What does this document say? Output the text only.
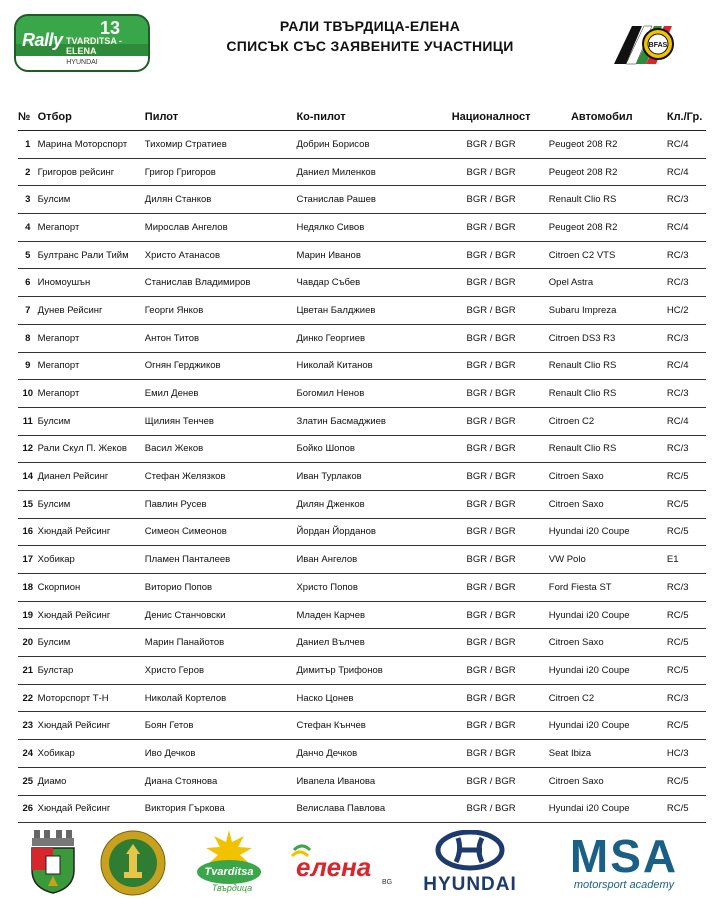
Rally
13
TVARDITSA - ELENA
HYUNDAI
РАЛИ ТВЪРДИЦА-ЕЛЕНА
СПИСЪК СЪС ЗАЯВЕНИТЕ УЧАСТНИЦИ	BFAS
№	Отбор	Пилот	Ко-пилот	Националност	Автомобил	Кл./Гр.
1	Марина Моторспорт	Тихомир Стратиев	Добрин Борисов	BGR / BGR	Peugeot 208 R2	RC/4
2	Григоров рейсинг	Григор Григоров	Даниел Миленков	BGR / BGR	Peugeot 208 R2	RC/4
3	Булсим	Дилян Станков	Станислав Рашев	BGR / BGR	Renault Clio RS	RC/3
4	Мегапорт	Мирослав Ангелов	Недялко Сивов	BGR / BGR	Peugeot 208 R2	RC/4
5	Бултранс Рали Тийм	Христо Атанасов	Марин Иванов	BGR / BGR	Citroen C2 VTS	RC/3
6	Иномоушън	Станислав Владимиров	Чавдар Събев	BGR / BGR	Opel Astra	RC/3
7	Дунев Рейсинг	Георги Янков	Цветан Балджиев	BGR / BGR	Subaru Impreza	HC/2
8	Мегапорт	Антон Титов	Динко Георгиев	BGR / BGR	Citroen DS3 R3	RC/3
9	Мегапорт	Огнян Герджиков	Николай Китанов	BGR / BGR	Renault Clio RS	RC/4
10	Мегапорт	Емил Денев	Богомил Ненов	BGR / BGR	Renault Clio RS	RC/3
11	Булсим	Щилиян Тенчев	Златин Басмаджиев	BGR / BGR	Citroen C2	RC/4
12	Рали Скул П. Жеков	Васил Жеков	Бойко Шопов	BGR / BGR	Renault Clio RS	RC/3
14	Дианел Рейсинг	Стефан Желязков	Иван Турлаков	BGR / BGR	Citroen Saxo	RC/5
15	Булсим	Павлин Русев	Дилян Дженков	BGR / BGR	Citroen Saxo	RC/5
16	Хюндай Рейсинг	Симеон Симеонов	Йордан Йорданов	BGR / BGR	Hyundai i20 Coupe	RC/5
17	Хобикар	Пламен Панталеев	Иван Ангелов	BGR / BGR	VW Polo	E1
18	Скорпион	Виторио Попов	Христо Попов	BGR / BGR	Ford Fiesta ST	RC/3
19	Хюндай Рейсинг	Денис Станчовски	Младен Карчев	BGR / BGR	Hyundai i20 Coupe	RC/5
20	Булсим	Марин Панайотов	Даниел Вълчев	BGR / BGR	Citroen Saxo	RC/5
21	Булстар	Христо Геров	Димитър Трифонов	BGR / BGR	Hyundai i20 Coupe	RC/5
22	Моторспорт Т-Н	Николай Кортелов	Наско Цонев	BGR / BGR	Citroen C2	RC/3
23	Хюндай Рейсинг	Боян Гетов	Стефан Кънчев	BGR / BGR	Hyundai i20 Coupe	RC/5
24	Хобикар	Иво Дечков	Данчо Дечков	BGR / BGR	Seat Ibiza	HC/3
25	Диамо	Диана Стоянова	Ивanела Иванова	BGR / BGR	Citroen Saxo	RC/5
26	Хюндай Рейсинг	Виктория Гъркова	Велислава Павлова	BGR / BGR	Hyundai i20 Coupe	RC/5
Tvarditsa
Твърдица
елена
BG HYUNDAI
MSA
motorsport academy
